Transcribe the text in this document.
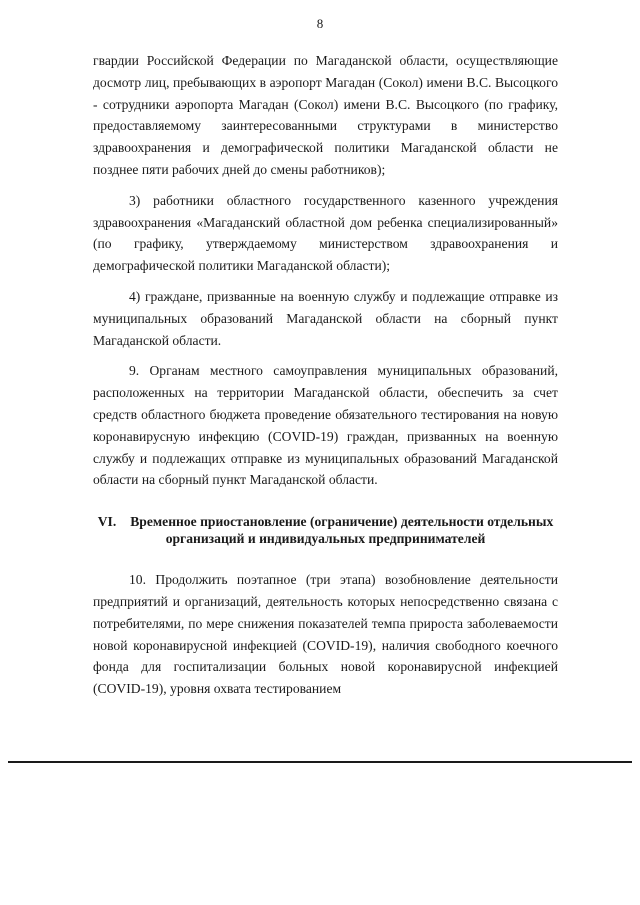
8

гвардии Российской Федерации по Магаданской области, осуществляющие досмотр лиц, пребывающих в аэропорт Магадан (Сокол) имени В.С. Высоцкого - сотрудники аэропорта Магадан (Сокол) имени В.С. Высоцкого (по графику, предоставляемому заинтересованными структурами в министерство здравоохранения и демографической политики Магаданской области не позднее пяти рабочих дней до смены работников);

3) работники областного государственного казенного учреждения здравоохранения «Магаданский областной дом ребенка специализированный» (по графику, утверждаемому министерством здравоохранения и демографической политики Магаданской области);

4) граждане, призванные на военную службу и подлежащие отправке из муниципальных образований Магаданской области на сборный пункт Магаданской области.

9. Органам местного самоуправления муниципальных образований, расположенных на территории Магаданской области, обеспечить за счет средств областного бюджета проведение обязательного тестирования на новую коронавирусную инфекцию (COVID-19) граждан, призванных на военную службу и подлежащих отправке из муниципальных образований Магаданской области на сборный пункт Магаданской области.

VI. Временное приостановление (ограничение) деятельности отдельных организаций и индивидуальных предпринимателей

10. Продолжить поэтапное (три этапа) возобновление деятельности предприятий и организаций, деятельность которых непосредственно связана с потребителями, по мере снижения показателей темпа прироста заболеваемости новой коронавирусной инфекцией (COVID-19), наличия свободного коечного фонда для госпитализации больных новой коронавирусной инфекцией (COVID-19), уровня охвата тестированием
